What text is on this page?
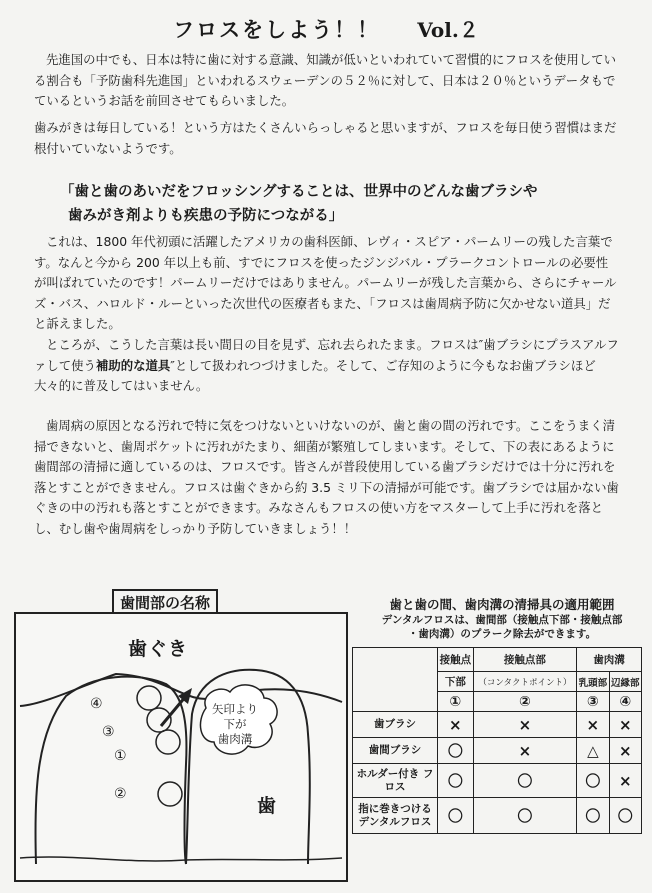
フロスをしよう！！ Vol.２

先進国の中でも、日本は特に歯に対する意識、知識が低いといわれていて習慣的にフロスを使用している割合も「予防歯科先進国」といわれるスウェーデンの５２％に対して、日本は２０％というデータもでているというお話を前回させてもらいました。

歯みがきは毎日している！という方はたくさんいらっしゃると思いますが、フロスを毎日使う習慣はまだ根付いていないようです。

「歯と歯のあいだをフロッシングすることは、世界中のどんな歯ブラシや
歯みがき剤よりも疾患の予防につながる」

これは、1800 年代初頭に活躍したアメリカの歯科医師、レヴィ・スピア・パームリーの残した言葉です。なんと今から 200 年以上も前、すでにフロスを使ったジンジバル・プラークコントロールの必要性が叫ばれていたのです！パームリーだけではありません。パームリーが残した言葉から、さらにチャールズ・バス、ハロルド・ルーといった次世代の医療者もまた、「フロスは歯周病予防に欠かせない道具」だと訴えました。

ところが、こうした言葉は長い間日の目を見ず、忘れ去られたまま。フロスは″歯ブラシにプラスアルファして使う補助的な道具″として扱われつづけました。そして、ご存知のように今もなお歯ブラシほど大々的に普及してはいません。

歯周病の原因となる汚れで特に気をつけないといけないのが、歯と歯の間の汚れです。ここをうまく清掃できないと、歯周ポケットに汚れがたまり、細菌が繁殖してしまいます。そして、下の表にあるように歯間部の清掃に適しているのは、フロスです。皆さんが普段使用している歯ブラシだけでは十分に汚れを落とすことができません。フロスは歯ぐきから約 3.5 ミリ下の清掃が可能です。歯ブラシでは届かない歯ぐきの中の汚れも落とすことができます。みなさんもフロスの使い方をマスターして上手に汚れを落とし、むし歯や歯周病をしっかり予防していきましょう！！

歯間部の名称
歯ぐき
歯
矢印より
下が
歯肉溝
④
③
①
②
歯と歯の間、歯肉溝の清掃具の適用範囲
デンタルフロスは、歯間部（接触点下部・接触点部
・歯肉溝）のプラーク除去ができます。
	接触点	接触点部	歯肉溝	
	下部	（コンタクトポイント）	乳頭部	辺縁部
	①	②	③	④
歯ブラシ	×	×	×	×
歯間ブラシ	〇	×	△	×
ホルダー付き フロス	〇	〇	〇	×
指に巻きつける デンタルフロス	〇	〇	〇	〇
